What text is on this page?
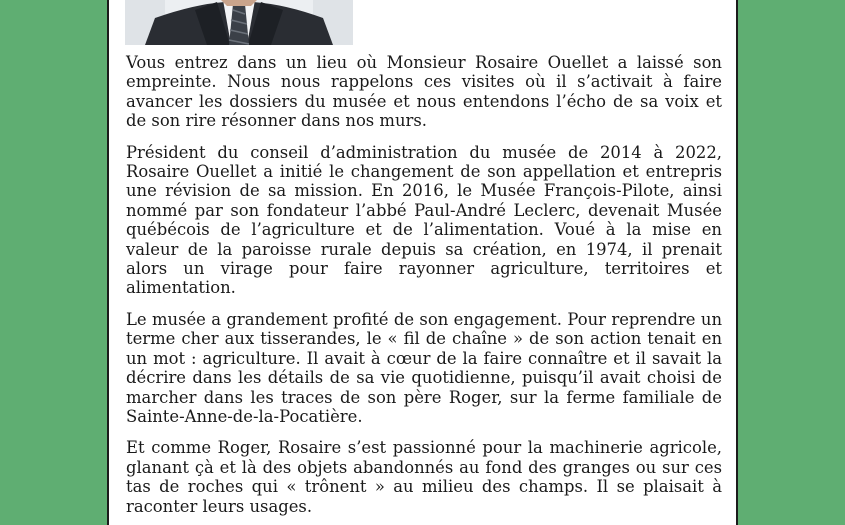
Vous entrez dans un lieu où Monsieur Rosaire Ouellet a laissé son empreinte. Nous nous rappelons ces visites où il s’activait à faire avancer les dossiers du musée et nous entendons l’écho de sa voix et de son rire résonner dans nos murs.

Président du conseil d’administration du musée de 2014 à 2022, Rosaire Ouellet a initié le changement de son appellation et entrepris une révision de sa mission. En 2016, le Musée François-Pilote, ainsi nommé par son fondateur l’abbé Paul-André Leclerc, devenait Musée québécois de l’agriculture et de l’alimentation. Voué à la mise en valeur de la paroisse rurale depuis sa création, en 1974, il prenait alors un virage pour faire rayonner agriculture, territoires et alimentation.

Le musée a grandement profité de son engagement. Pour reprendre un terme cher aux tisserandes, le « fil de chaîne » de son action tenait en un mot : agriculture. Il avait à cœur de la faire connaître et il savait la décrire dans les détails de sa vie quotidienne, puisqu’il avait choisi de marcher dans les traces de son père Roger, sur la ferme familiale de Sainte-Anne-de-la-Pocatière.

Et comme Roger, Rosaire s’est passionné pour la machinerie agricole, glanant çà et là des objets abandonnés au fond des granges ou sur ces tas de roches qui « trônent » au milieu des champs. Il se plaisait à raconter leurs usages.
